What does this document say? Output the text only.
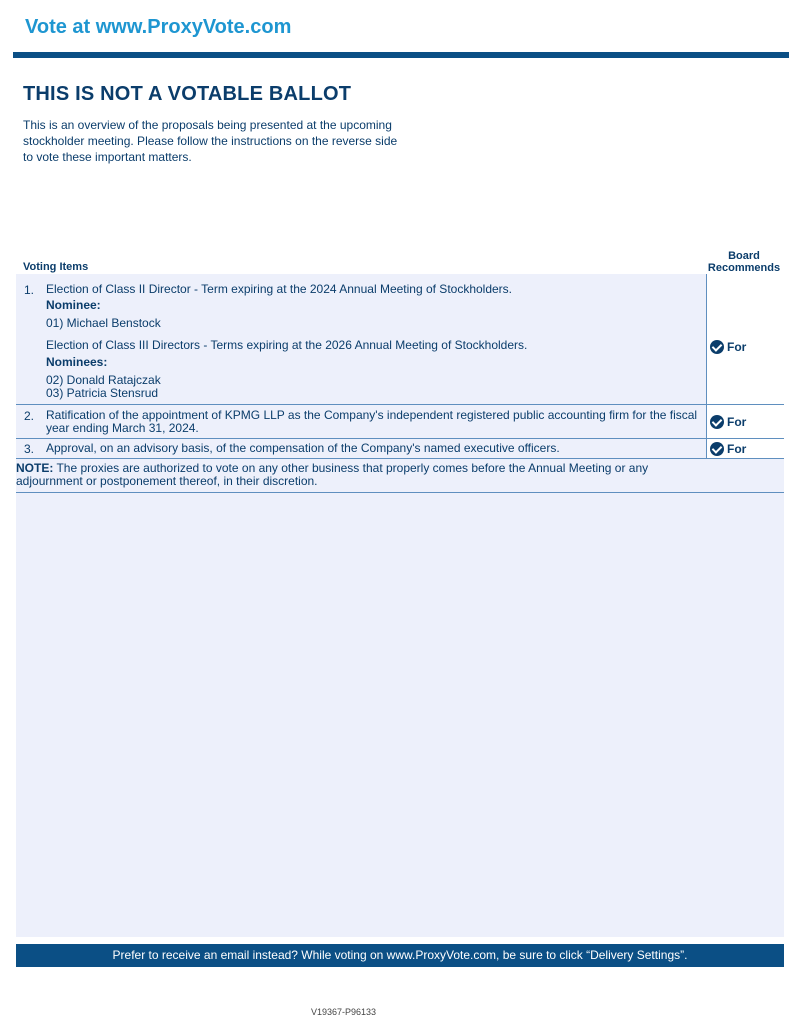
Vote at www.ProxyVote.com
THIS IS NOT A VOTABLE BALLOT
This is an overview of the proposals being presented at the upcoming stockholder meeting. Please follow the instructions on the reverse side to vote these important matters.
Voting Items
Board
Recommends
1. Election of Class II Director - Term expiring at the 2024 Annual Meeting of Stockholders.
Nominee:
01) Michael Benstock
Election of Class III Directors - Terms expiring at the 2026 Annual Meeting of Stockholders.
Nominees:
02) Donald Ratajczak
03) Patricia Stensrud
For
2. Ratification of the appointment of KPMG LLP as the Company's independent registered public accounting firm for the fiscal year ending March 31, 2024.	For
3. Approval, on an advisory basis, of the compensation of the Company's named executive officers.	For
NOTE: The proxies are authorized to vote on any other business that properly comes before the Annual Meeting or any adjournment or postponement thereof, in their discretion.
Prefer to receive an email instead? While voting on www.ProxyVote.com, be sure to click “Delivery Settings”.
V19367-P96133
